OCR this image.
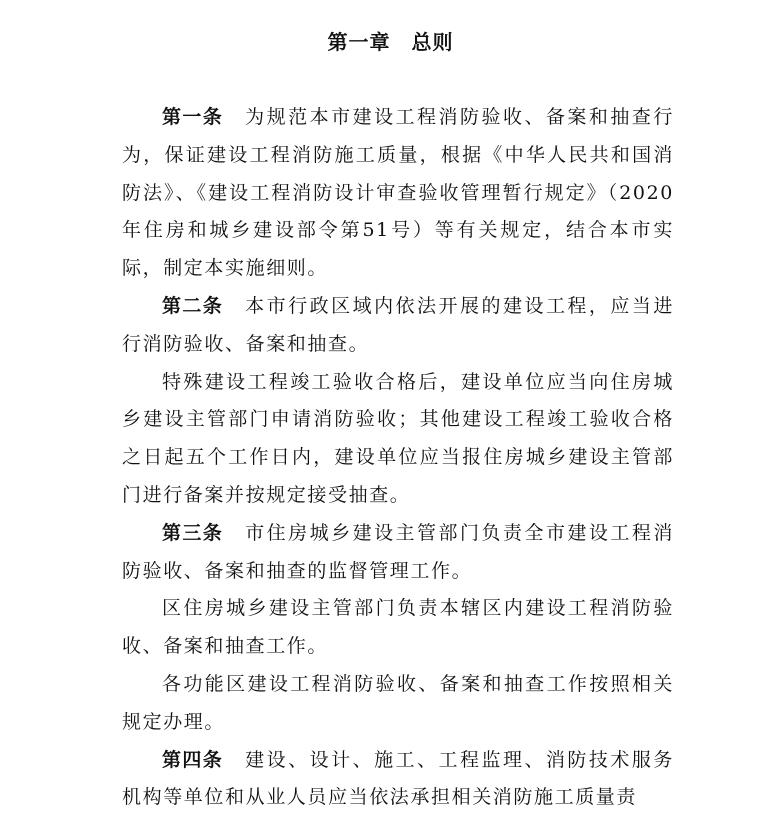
第一章　总则

第一条 为规范本市建设工程消防验收、备案和抽查行为，保证建设工程消防施工质量，根据《中华人民共和国消防法》、《建设工程消防设计审查验收管理暂行规定》（2020年住房和城乡建设部令第51号）等有关规定，结合本市实际，制定本实施细则。

第二条 本市行政区域内依法开展的建设工程，应当进行消防验收、备案和抽查。

特殊建设工程竣工验收合格后，建设单位应当向住房城乡建设主管部门申请消防验收；其他建设工程竣工验收合格之日起五个工作日内，建设单位应当报住房城乡建设主管部门进行备案并按规定接受抽查。

第三条 市住房城乡建设主管部门负责全市建设工程消防验收、备案和抽查的监督管理工作。

区住房城乡建设主管部门负责本辖区内建设工程消防验收、备案和抽查工作。

各功能区建设工程消防验收、备案和抽查工作按照相关规定办理。

第四条 建设、设计、施工、工程监理、消防技术服务机构等单位和从业人员应当依法承担相关消防施工质量责
